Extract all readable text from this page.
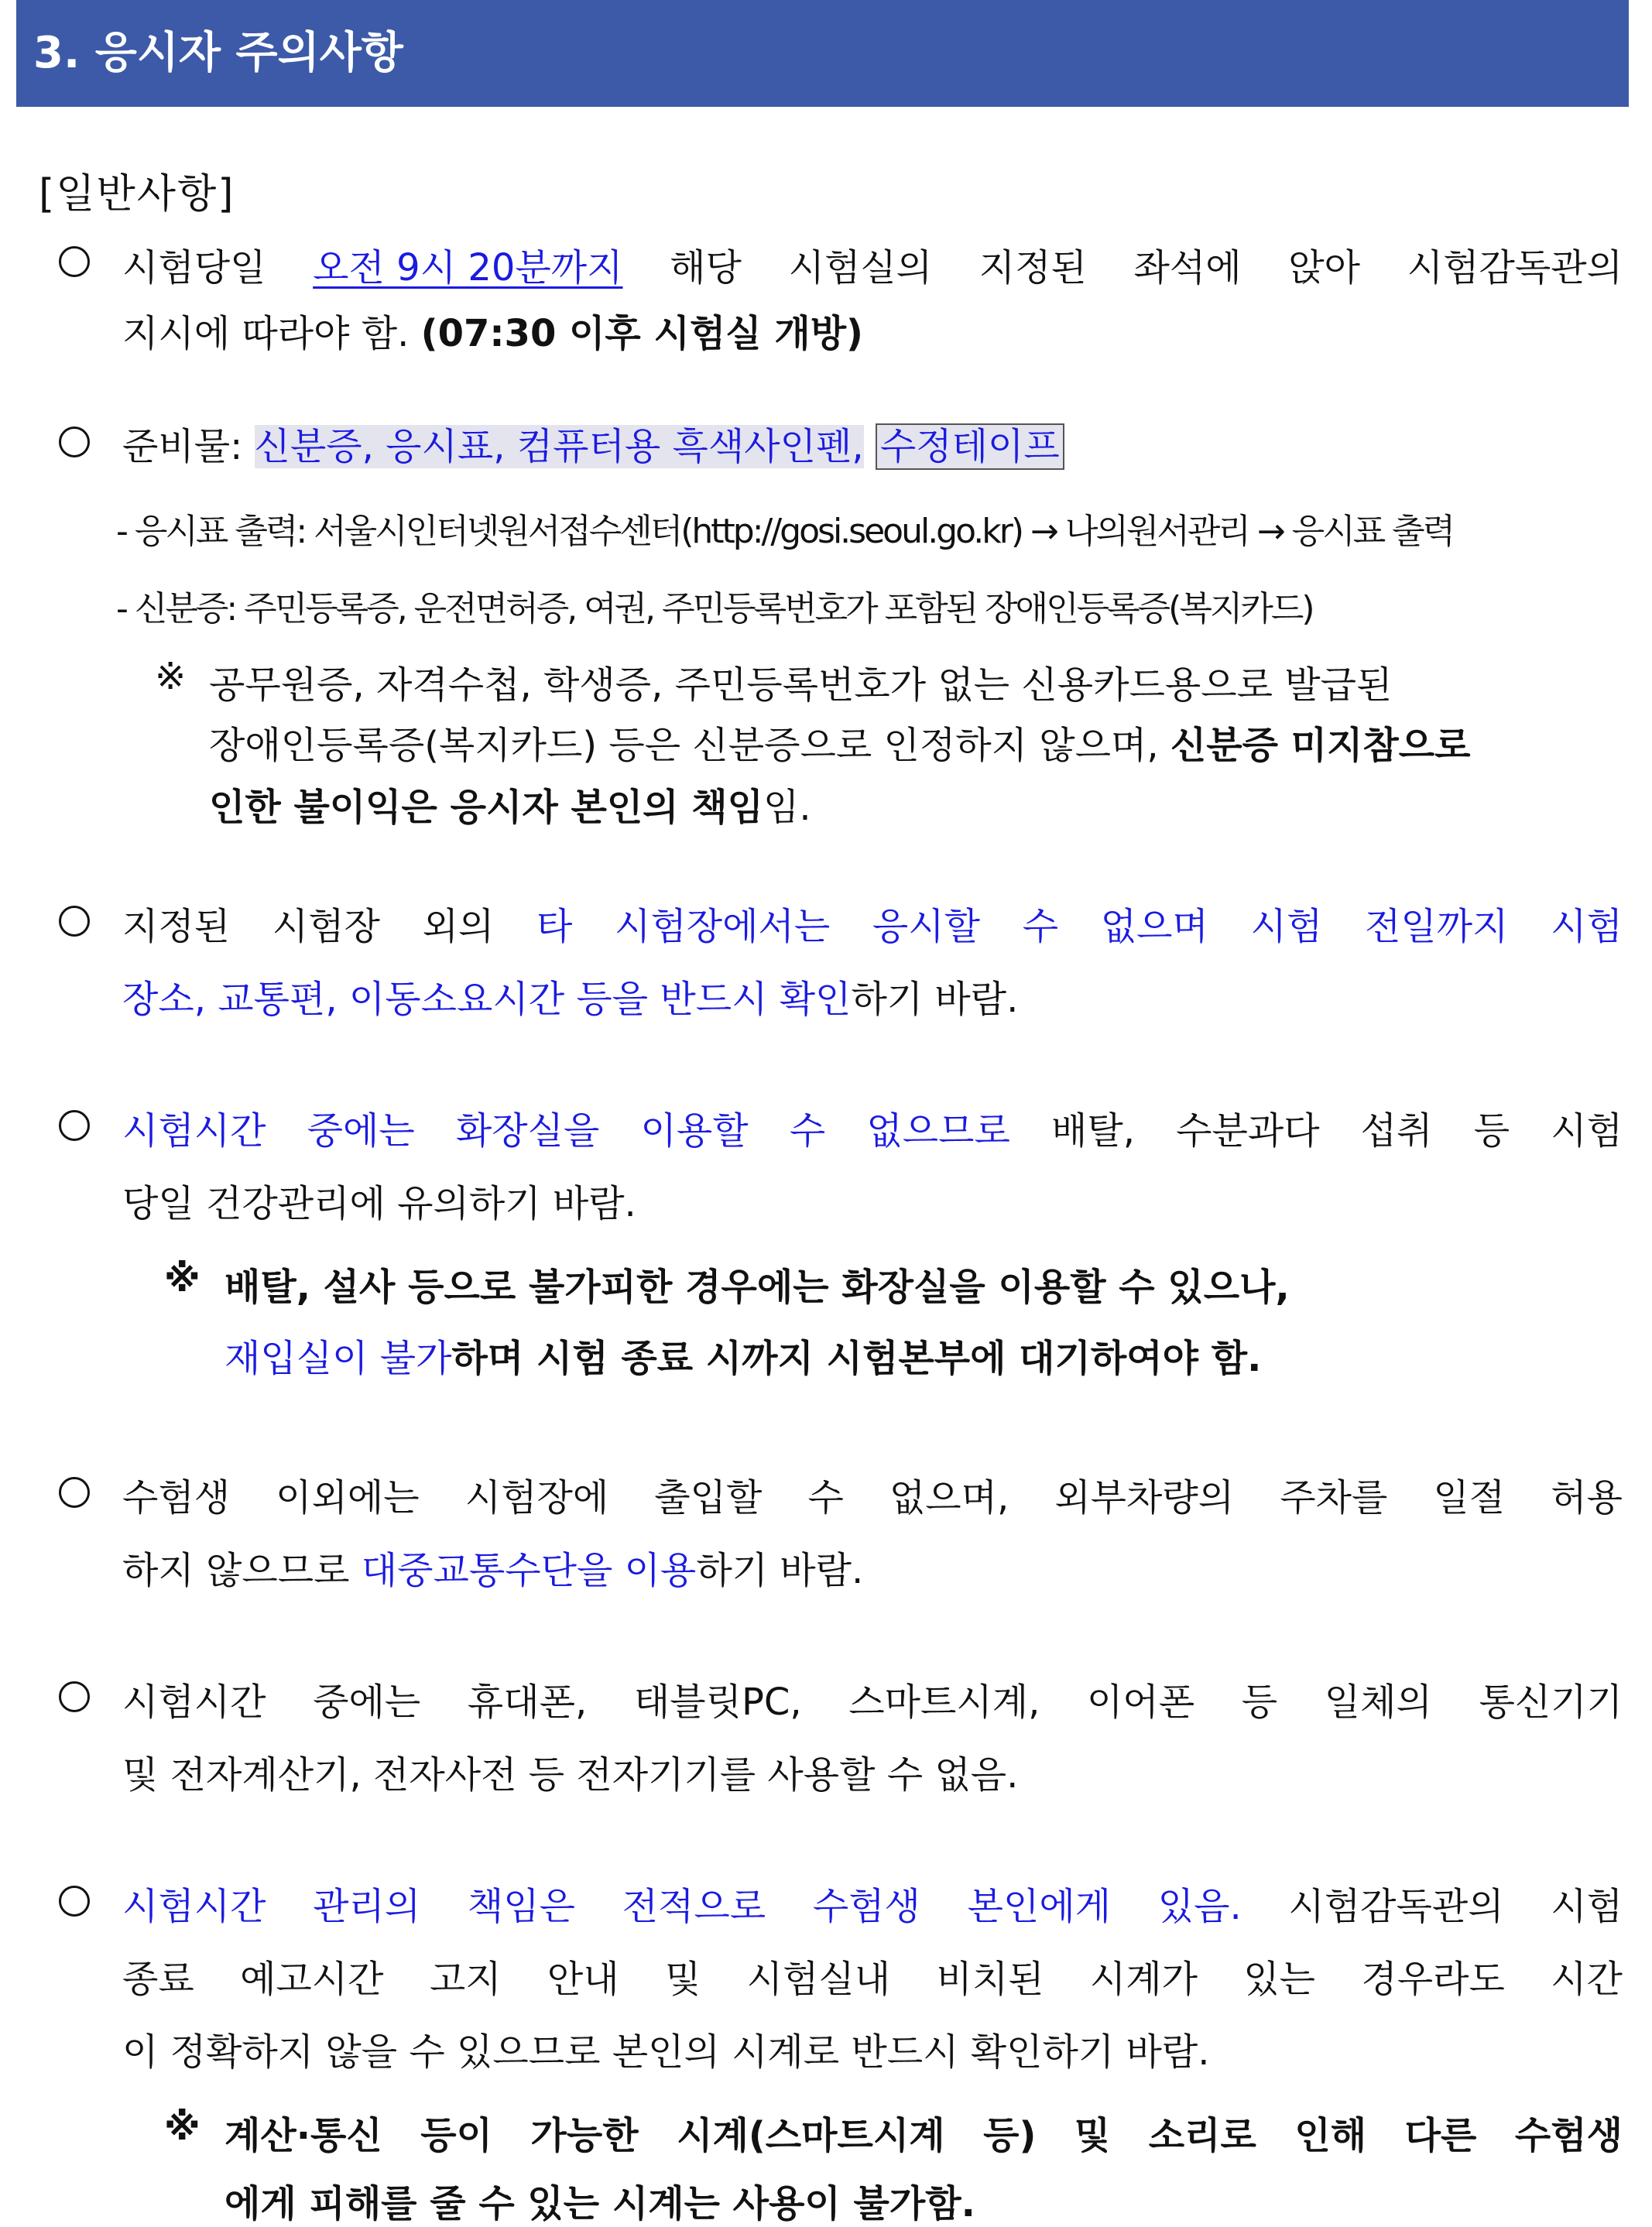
3. 응시자 주의사항
[일반사항]
시험당일 오전 9시 20분까지 해당 시험실의 지정된 좌석에 앉아 시험감독관의
지시에 따라야 함. (07:30 이후 시험실 개방)
준비물: 신분증, 응시표, 컴퓨터용 흑색사인펜, 수정테이프
- 응시표 출력: 서울시인터넷원서접수센터(http://gosi.seoul.go.kr) → 나의원서관리 → 응시표 출력
- 신분증: 주민등록증, 운전면허증, 여권, 주민등록번호가 포함된 장애인등록증(복지카드)
※ 공무원증, 자격수첩, 학생증, 주민등록번호가 없는 신용카드용으로 발급된
장애인등록증(복지카드) 등은 신분증으로 인정하지 않으며, 신분증 미지참으로
인한 불이익은 응시자 본인의 책임임.
지정된 시험장 외의 타 시험장에서는 응시할 수 없으며 시험 전일까지 시험
장소, 교통편, 이동소요시간 등을 반드시 확인하기 바람.
시험시간 중에는 화장실을 이용할 수 없으므로 배탈, 수분과다 섭취 등 시험
당일 건강관리에 유의하기 바람.
※ 배탈, 설사 등으로 불가피한 경우에는 화장실을 이용할 수 있으나,
재입실이 불가하며 시험 종료 시까지 시험본부에 대기하여야 함.
수험생 이외에는 시험장에 출입할 수 없으며, 외부차량의 주차를 일절 허용
하지 않으므로 대중교통수단을 이용하기 바람.
시험시간 중에는 휴대폰, 태블릿PC, 스마트시계, 이어폰 등 일체의 통신기기
및 전자계산기, 전자사전 등 전자기기를 사용할 수 없음.
시험시간 관리의 책임은 전적으로 수험생 본인에게 있음. 시험감독관의 시험
종료 예고시간 고지 안내 및 시험실내 비치된 시계가 있는 경우라도 시간
이 정확하지 않을 수 있으므로 본인의 시계로 반드시 확인하기 바람.
※ 계산·통신 등이 가능한 시계(스마트시계 등) 및 소리로 인해 다른 수험생
에게 피해를 줄 수 있는 시계는 사용이 불가함.
